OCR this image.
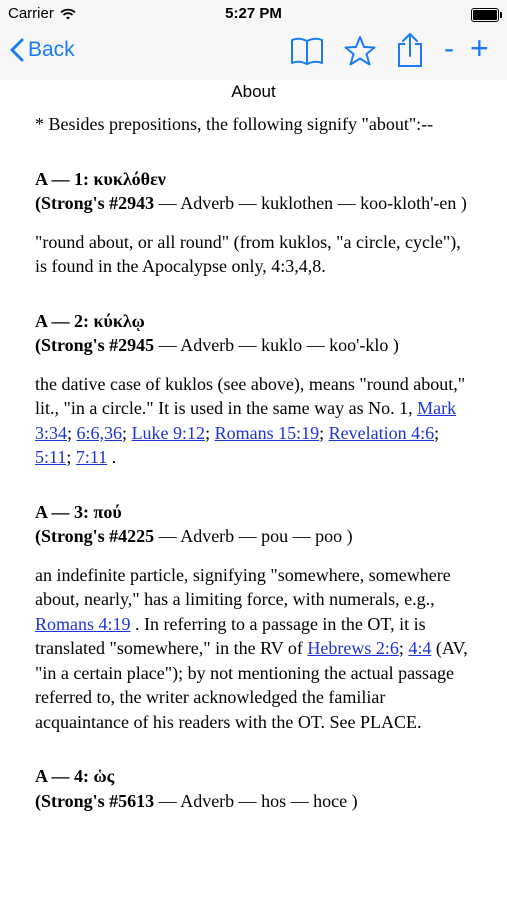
Carrier	5:27 PM
Back	- +
About

* Besides prepositions, the following signify "about":--

A — 1: κυκλόθεν
(Strong's #2943 — Adverb — kuklothen — koo-kloth'-en )

"round about, or all round" (from kuklos, "a circle, cycle"), is found in the Apocalypse only, 4:3,4,8.

A — 2: κύκλῳ
(Strong's #2945 — Adverb — kuklo — koo'-klo )

the dative case of kuklos (see above), means "round about," lit., "in a circle." It is used in the same way as No. 1, Mark 3:34; 6:6,36; Luke 9:12; Romans 15:19; Revelation 4:6; 5:11; 7:11 .

A — 3: πού
(Strong's #4225 — Adverb — pou — poo )

an indefinite particle, signifying "somewhere, somewhere about, nearly," has a limiting force, with numerals, e.g., Romans 4:19 . In referring to a passage in the OT, it is translated "somewhere," in the RV of Hebrews 2:6; 4:4 (AV, "in a certain place"); by not mentioning the actual passage referred to, the writer acknowledged the familiar acquaintance of his readers with the OT. See PLACE.

A — 4: ὡς
(Strong's #5613 — Adverb — hos — hoce )
